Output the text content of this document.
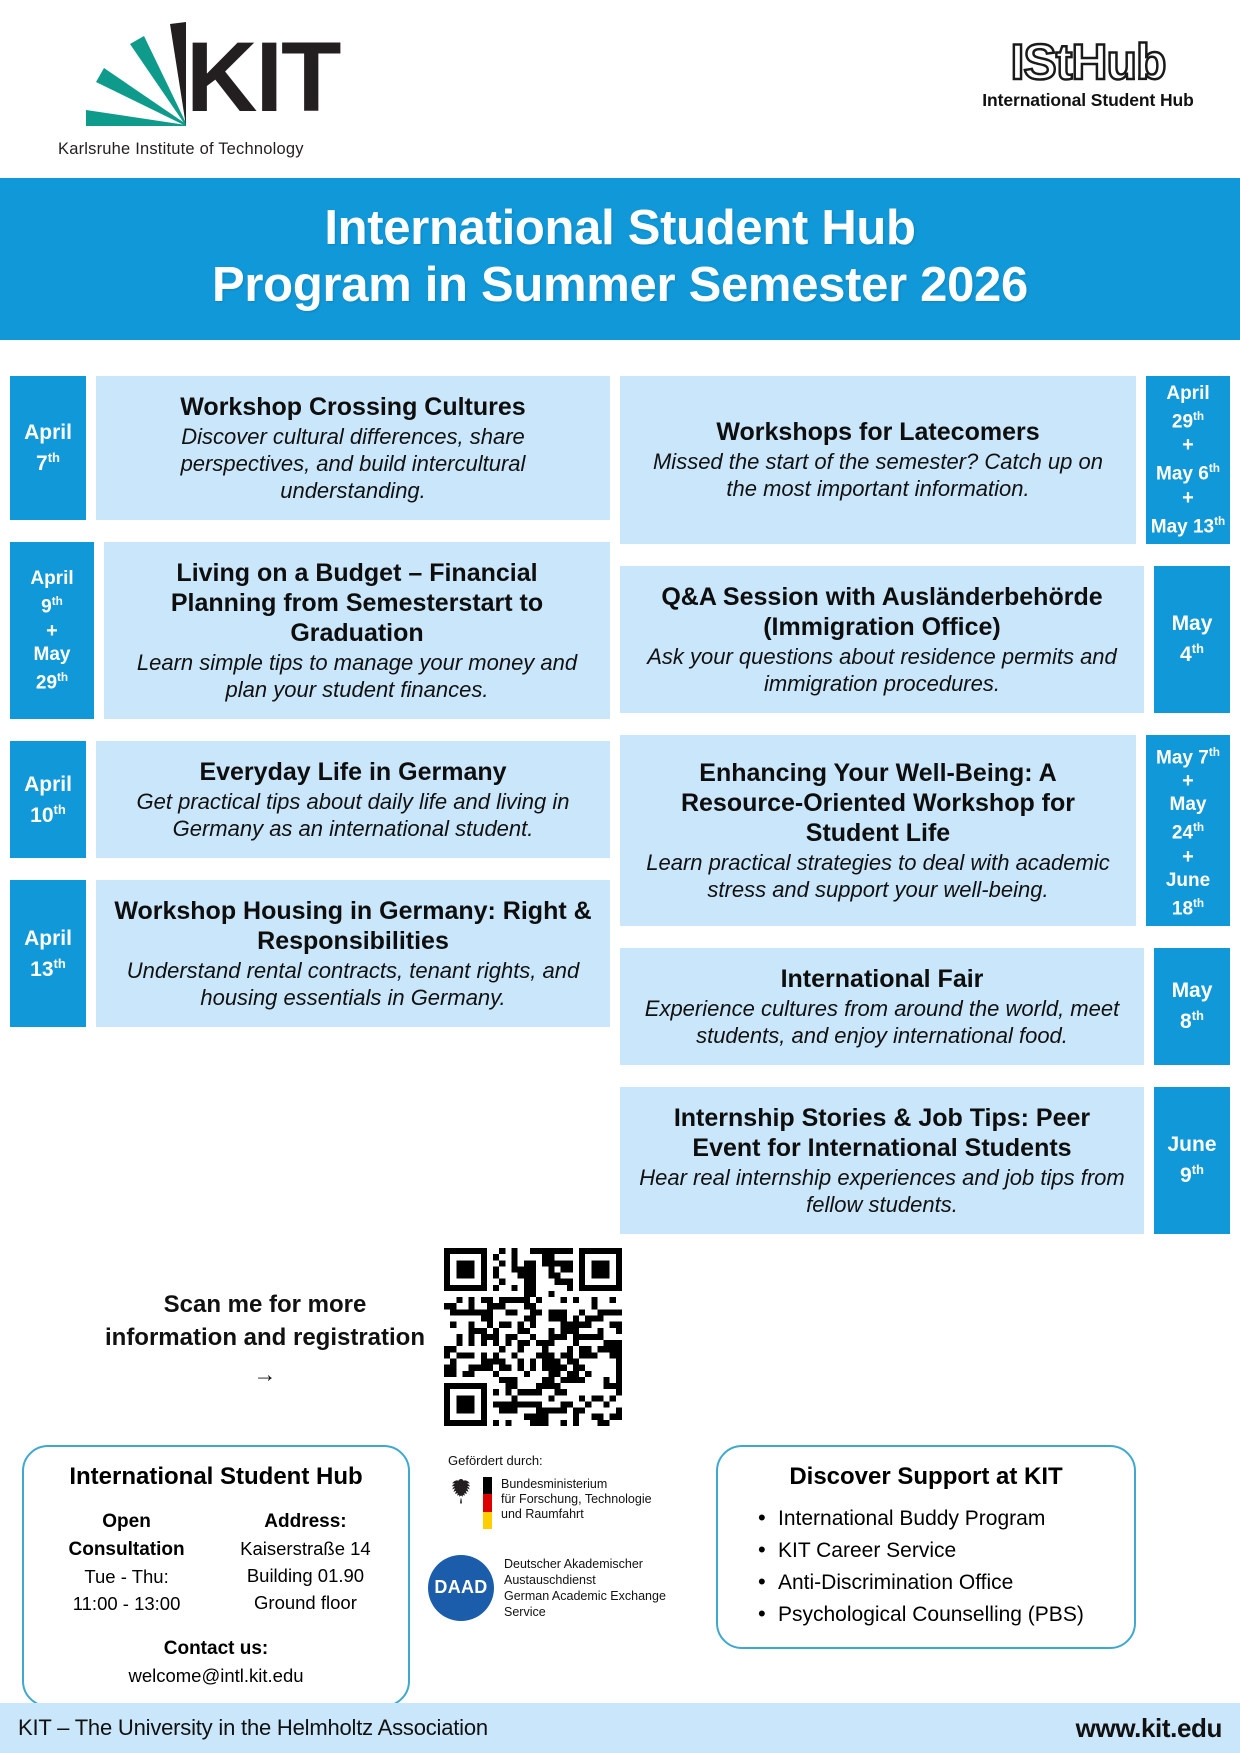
KIT
Karlsruhe Institute of Technology
IStHub
International Student Hub
International Student Hub
Program in Summer Semester 2026
April
7th
Workshop Crossing Cultures

Discover cultural differences, share perspectives, and build intercultural understanding.

April
9th
+
May
29th
Living on a Budget – Financial Planning from Semesterstart to Graduation

Learn simple tips to manage your money and plan your student finances.

April
10th
Everyday Life in Germany

Get practical tips about daily life and living in Germany as an international student.

April
13th
Workshop Housing in Germany: Right & Responsibilities

Understand rental contracts, tenant rights, and housing essentials in Germany.

Workshops for Latecomers

Missed the start of the semester? Catch up on the most important information.

April 29th
+
May 6th
+
May 13th
Q&A Session with Ausländerbehörde (Immigration Office)

Ask your questions about residence permits and immigration procedures.

May
4th
Enhancing Your Well-Being: A Resource-Oriented Workshop for Student Life

Learn practical strategies to deal with academic stress and support your well-being.

May 7th
+
May
24th
+
June
18th
International Fair

Experience cultures from around the world, meet students, and enjoy international food.

May
8th
Internship Stories & Job Tips: Peer Event for International Students

Hear real internship experiences and job tips from fellow students.

June
9th
Scan me for more information and registration
→
International Student Hub
Open Consultation
Tue - Thu:
11:00 - 13:00
Address:
Kaiserstraße 14
Building 01.90
Ground floor
Contact us:
welcome@intl.kit.edu
Gefördert durch:
Bundesministerium
für Forschung, Technologie
und Raumfahrt
DAAD
Deutscher Akademischer Austauschdienst
German Academic Exchange Service
Discover Support at KIT
• International Buddy Program
• KIT Career Service
• Anti-Discrimination Office
• Psychological Counselling (PBS)
KIT – The University in the Helmholtz Association	www.kit.edu
